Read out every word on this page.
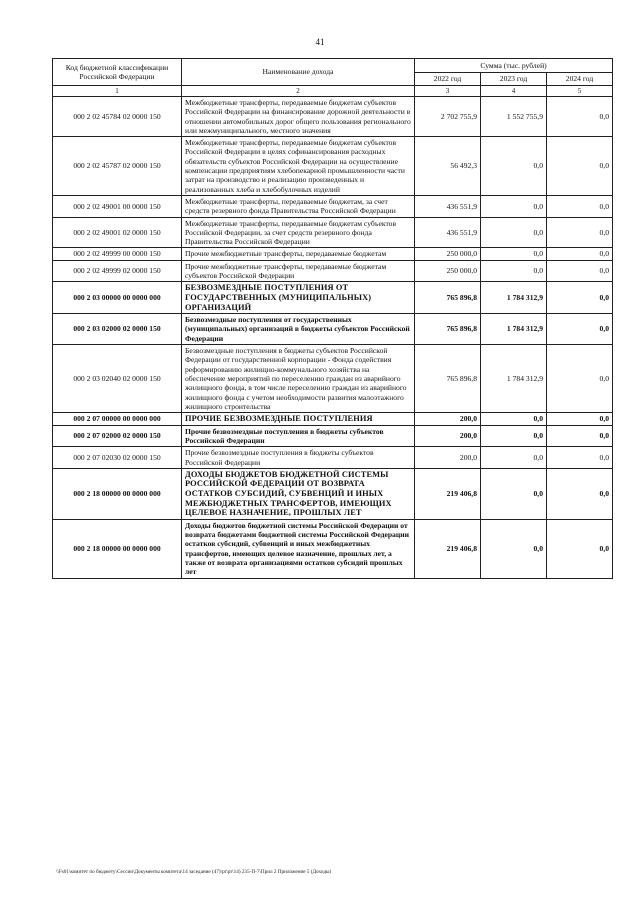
41
Код бюджетной классификации Российской Федерации	Наименование дохода	Сумма (тыс. рублей)		
		2022 год	2023 год	2024 год
1	2	3	4	5
000 2 02 45784 02 0000 150	Межбюджетные трансферты, передаваемые бюджетам субъектов Российской Федерации на финансирование дорожной деятельности в отношении автомобильных дорог общего пользования регионального или межмуниципального, местного значения	2 702 755,9	1 552 755,9	0,0
000 2 02 45787 02 0000 150	Межбюджетные трансферты, передаваемые бюджетам субъектов Российской Федерации в целях софинансирования расходных обязательств субъектов Российской Федерации на осуществление компенсации предприятиям хлебопекарной промышленности части затрат на производство и реализацию произведенных и реализованных хлеба и хлебобулочных изделий	56 492,3	0,0	0,0
000 2 02 49001 00 0000 150	Межбюджетные трансферты, передаваемые бюджетам, за счет средств резервного фонда Правительства Российской Федерации	436 551,9	0,0	0,0
000 2 02 49001 02 0000 150	Межбюджетные трансферты, передаваемые бюджетам субъектов Российской Федерации, за счет средств резервного фонда Правительства Российской Федерации	436 551,9	0,0	0,0
000 2 02 49999 00 0000 150	Прочие межбюджетные трансферты, передаваемые бюджетам	250 000,0	0,0	0,0
000 2 02 49999 02 0000 150	Прочие межбюджетные трансферты, передаваемые бюджетам субъектов Российской Федерации	250 000,0	0,0	0,0
000 2 03 00000 00 0000 000	БЕЗВОЗМЕЗДНЫЕ ПОСТУПЛЕНИЯ ОТ ГОСУДАРСТВЕННЫХ (МУНИЦИПАЛЬНЫХ) ОРГАНИЗАЦИЙ	765 896,8	1 784 312,9	0,0
000 2 03 02000 02 0000 150	Безвозмездные поступления от государственных (муниципальных) организаций в бюджеты субъектов Российской Федерации	765 896,8	1 784 312,9	0,0
000 2 03 02040 02 0000 150	Безвозмездные поступления в бюджеты субъектов Российской Федерации от государственной корпорации - Фонда содействия реформированию жилищно-коммунального хозяйства на обеспечение мероприятий по переселению граждан из аварийного жилищного фонда, в том числе переселению граждан из аварийного жилищного фонда с учетом необходимости развития малоэтажного жилищного строительства	765 896,8	1 784 312,9	0,0
000 2 07 00000 00 0000 000	ПРОЧИЕ БЕЗВОЗМЕЗДНЫЕ ПОСТУПЛЕНИЯ	200,0	0,0	0,0
000 2 07 02000 02 0000 150	Прочие безвозмездные поступления в бюджеты субъектов Российской Федерации	200,0	0,0	0,0
000 2 07 02030 02 0000 150	Прочие безвозмездные поступления в бюджеты субъектов Российской Федерации	200,0	0,0	0,0
000 2 18 00000 00 0000 000	ДОХОДЫ БЮДЖЕТОВ БЮДЖЕТНОЙ СИСТЕМЫ РОССИЙСКОЙ ФЕДЕРАЦИИ ОТ ВОЗВРАТА ОСТАТКОВ СУБСИДИЙ, СУБВЕНЦИЙ И ИНЫХ МЕЖБЮДЖЕТНЫХ ТРАНСФЕРТОВ, ИМЕЮЩИХ ЦЕЛЕВОЕ НАЗНАЧЕНИЕ, ПРОШЛЫХ ЛЕТ	219 406,8	0,0	0,0
000 2 18 00000 00 0000 000	Доходы бюджетов бюджетной системы Российской Федерации от возврата бюджетами бюджетной системы Российской Федерации остатков субсидий, субвенций и иных межбюджетных трансфертов, имеющих целевое назначение, прошлых лет, а также от возврата организациями остатков субсидий прошлых лет	219 406,8	0,0	0,0
\\Fs01\комитет по бюджету\Сессии\Документы комитета\14 заседание (47)\pr\pr\14) 235-П-7\Прил 2 Приложение 5 (Доходы)
